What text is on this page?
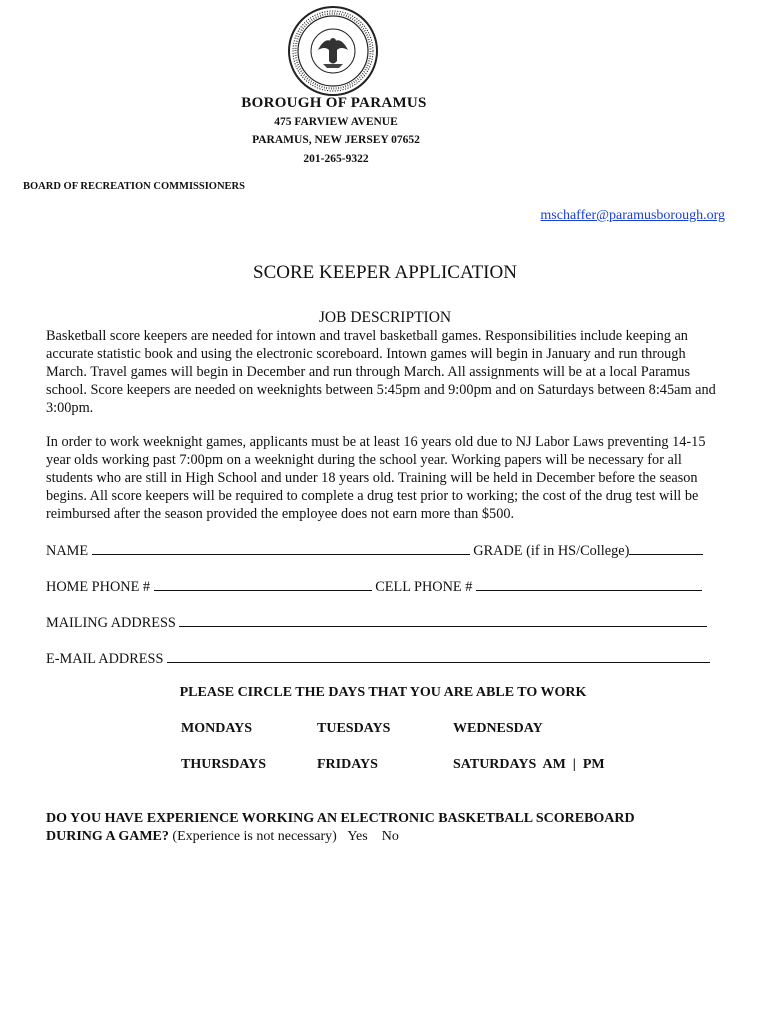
BOROUGH OF PARAMUS
475 FARVIEW AVENUE
PARAMUS, NEW JERSEY 07652
201-265-9322
BOARD OF RECREATION COMMISSIONERS
mschaffer@paramusborough.org
SCORE KEEPER APPLICATION
JOB DESCRIPTION
Basketball score keepers are needed for intown and travel basketball games. Responsibilities include keeping an accurate statistic book and using the electronic scoreboard. Intown games will begin in January and run through March. Travel games will begin in December and run through March. All assignments will be at a local Paramus school. Score keepers are needed on weeknights between 5:45pm and 9:00pm and on Saturdays between 8:45am and 3:00pm.
In order to work weeknight games, applicants must be at least 16 years old due to NJ Labor Laws preventing 14-15 year olds working past 7:00pm on a weeknight during the school year. Working papers will be necessary for all students who are still in High School and under 18 years old. Training will be held in December before the season begins. All score keepers will be required to complete a drug test prior to working; the cost of the drug test will be reimbursed after the season provided the employee does not earn more than $500.
NAME	GRADE (if in HS/College)
HOME PHONE #	CELL PHONE #
MAILING ADDRESS
E-MAIL ADDRESS
PLEASE CIRCLE THE DAYS THAT YOU ARE ABLE TO WORK
MONDAYS	TUESDAYS	WEDNESDAY
THURSDAYS	FRIDAYS	SATURDAYS  AM  |  PM
DO YOU HAVE EXPERIENCE WORKING AN ELECTRONIC BASKETBALL SCOREBOARD
DURING A GAME? (Experience is not necessary) Yes No
